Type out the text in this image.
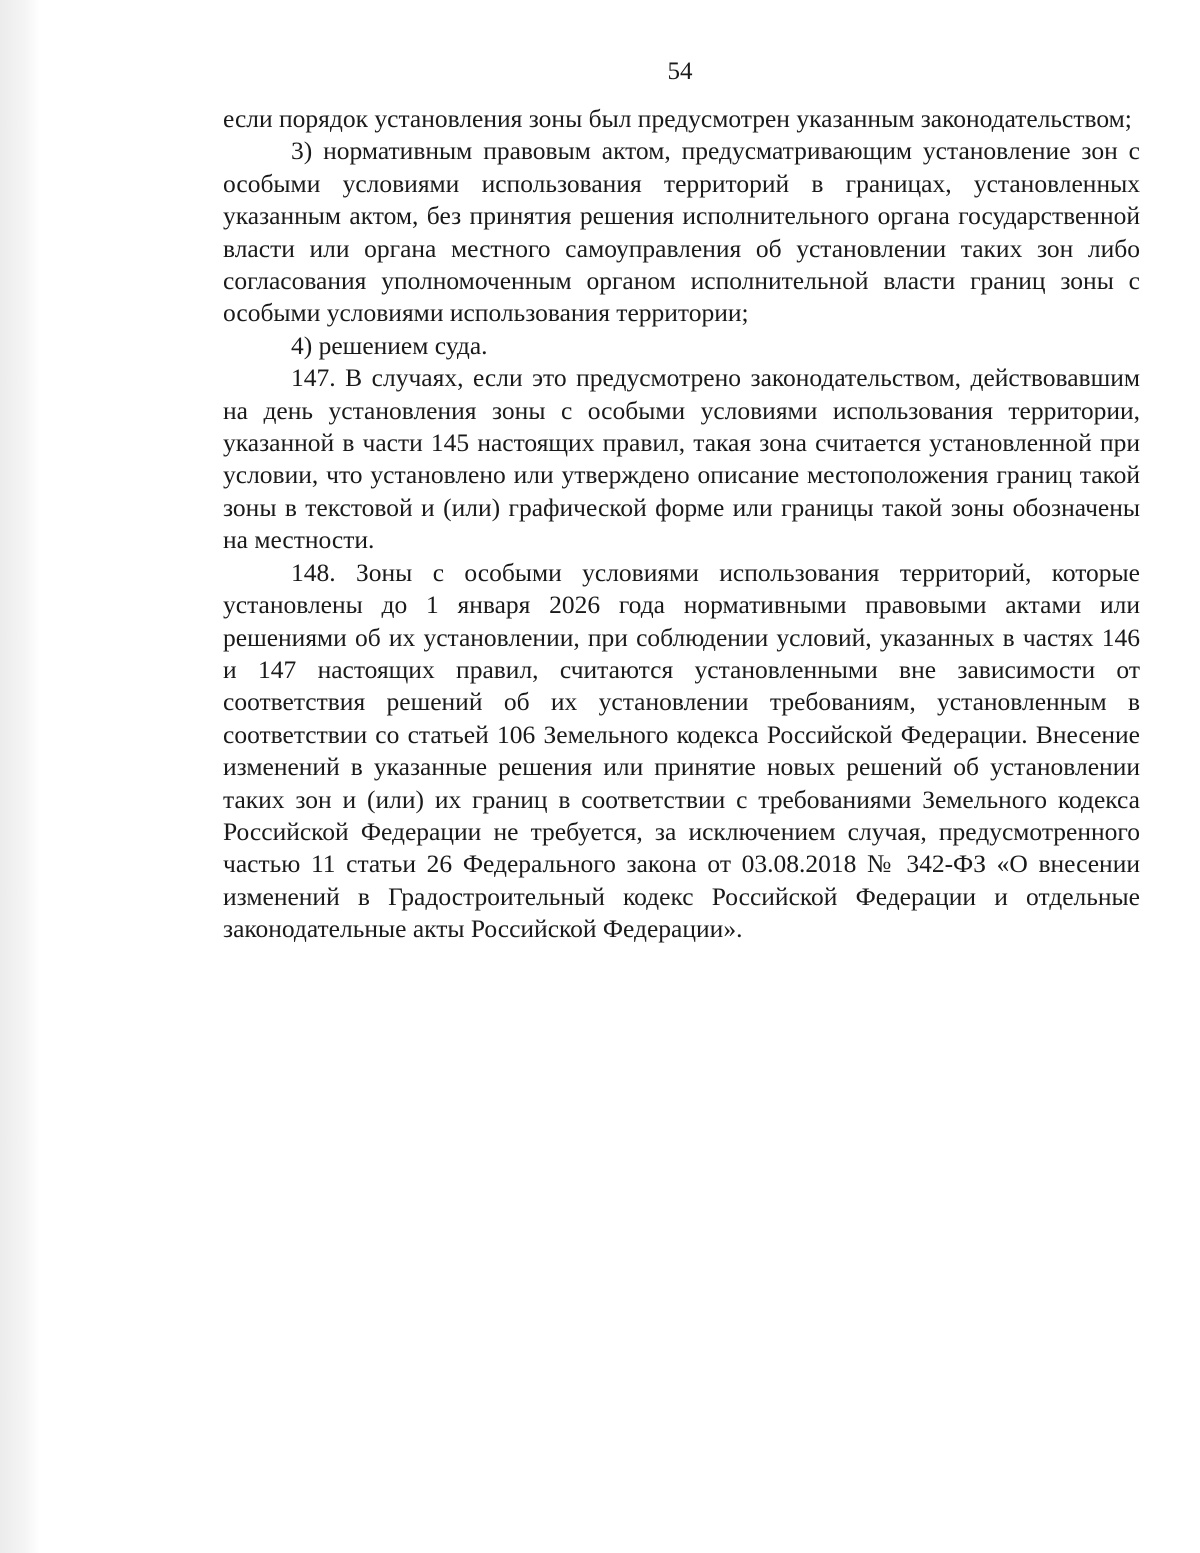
54

если порядок установления зоны был предусмотрен указанным законодательством;

3) нормативным правовым актом, предусматривающим установление зон с особыми условиями использования территорий в границах, установленных указанным актом, без принятия решения исполнительного органа государственной власти или органа местного самоуправления об установлении таких зон либо согласования уполномоченным органом исполнительной власти границ зоны с особыми условиями использования территории;

4) решением суда.

147. В случаях, если это предусмотрено законодательством, действовавшим на день установления зоны с особыми условиями использования территории, указанной в части 145 настоящих правил, такая зона считается установленной при условии, что установлено или утверждено описание местоположения границ такой зоны в текстовой и (или) графической форме или границы такой зоны обозначены на местности.

148. Зоны с особыми условиями использования территорий, которые установлены до 1 января 2026 года нормативными правовыми актами или решениями об их установлении, при соблюдении условий, указанных в частях 146 и 147 настоящих правил, считаются установленными вне зависимости от соответствия решений об их установлении требованиям, установленным в соответствии со статьей 106 Земельного кодекса Российской Федерации. Внесение изменений в указанные решения или принятие новых решений об установлении таких зон и (или) их границ в соответствии с требованиями Земельного кодекса Российской Федерации не требуется, за исключением случая, предусмотренного частью 11 статьи 26 Федерального закона от 03.08.2018 № 342-ФЗ «О внесении изменений в Градостроительный кодекс Российской Федерации и отдельные законодательные акты Российской Федерации».
